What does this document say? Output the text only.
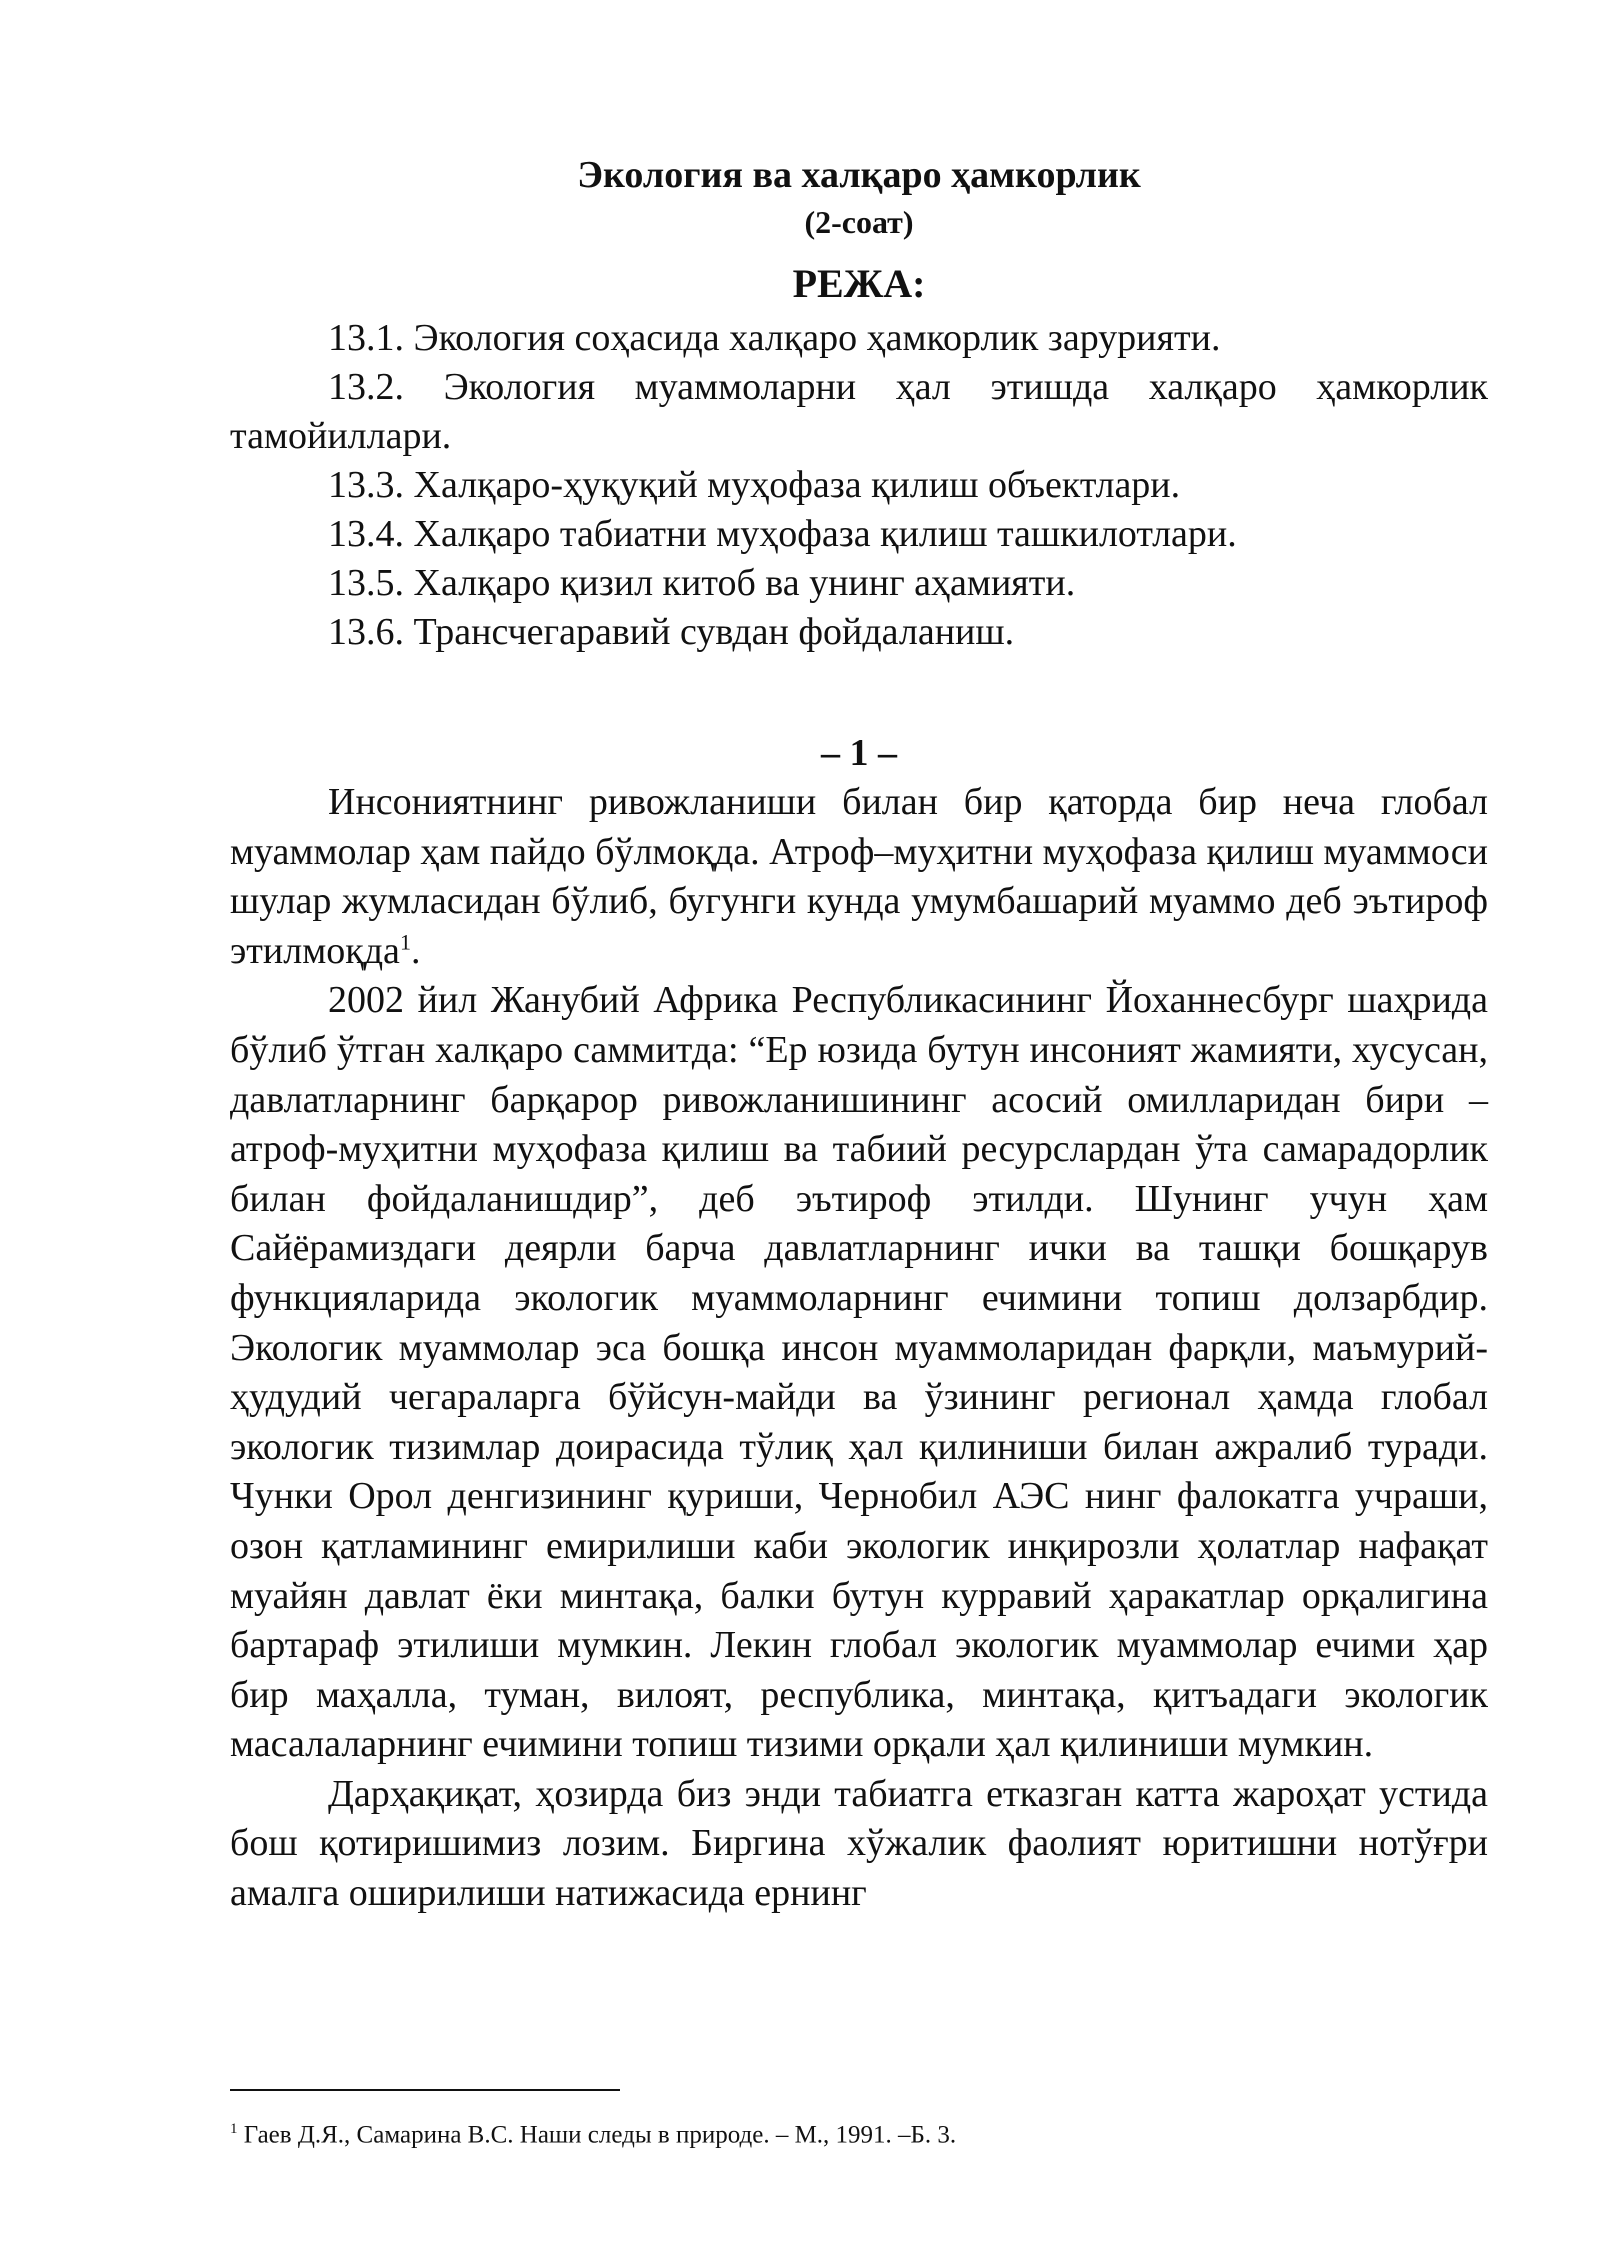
Экология ва халқаро ҳамкорлик

(2-соат)

РЕЖА:

13.1. Экология соҳасида халқаро ҳамкорлик зарурияти.
13.2. Экология муаммоларни ҳал этишда халқаро ҳамкорлик тамойиллари.
13.3. Халқаро-ҳуқуқий муҳофаза қилиш объектлари.
13.4. Халқаро табиатни муҳофаза қилиш ташкилотлари.
13.5. Халқаро қизил китоб ва унинг аҳамияти.
13.6. Трансчегаравий сувдан фойдаланиш.

– 1 –

Инсониятнинг ривожланиши билан бир қаторда бир неча глобал муаммолар ҳам пайдо бўлмоқда. Атроф–муҳитни муҳофаза қилиш муаммоси шулар жумласидан бўлиб, бугунги кунда умумбашарий муаммо деб эътироф этилмоқда$^1$.

2002 йил Жанубий Африка Республикасининг Йоханнесбург шаҳрида бўлиб ўтган халқаро саммитда: “Ер юзида бутун инсоният жамияти, хусусан, давлатларнинг барқарор ривожланишининг асосий омилларидан бири – атроф-муҳитни муҳофаза қилиш ва табиий ресурслардан ўта самарадорлик билан фойдаланишдир”, деб эътироф этилди. Шунинг учун ҳам Сайёрамиздаги деярли барча давлатларнинг ички ва ташқи бошқарув функцияларида экологик муаммоларнинг ечимини топиш долзарбдир. Экологик муаммолар эса бошқа инсон муаммоларидан фарқли, маъмурий-ҳудудий чегараларга бўйсун-майди ва ўзининг регионал ҳамда глобал экологик тизимлар доирасида тўлиқ ҳал қилиниши билан ажралиб туради. Чунки Орол денгизининг қуриши, Чернобил АЭС нинг фалокатга учраши, озон қатламининг емирилиши каби экологик инқирозли ҳолатлар нафақат муайян давлат ёки минтақа, балки бутун курравий ҳаракатлар орқалигина бартараф этилиши мумкин. Лекин глобал экологик муаммолар ечими ҳар бир маҳалла, туман, вилоят, республика, минтақа, қитъадаги экологик масалаларнинг ечимини топиш тизими орқали ҳал қилиниши мумкин.

Дарҳақиқат, ҳозирда биз энди табиатга етказган катта жароҳат устида бош қотиришимиз лозим. Биргина хўжалик фаолият юритишни нотўғри амалга оширилиши натижасида ернинг

$^1$ Гаев Д.Я., Самарина В.С. Наши следы в природе. – М., 1991. –Б. 3.
